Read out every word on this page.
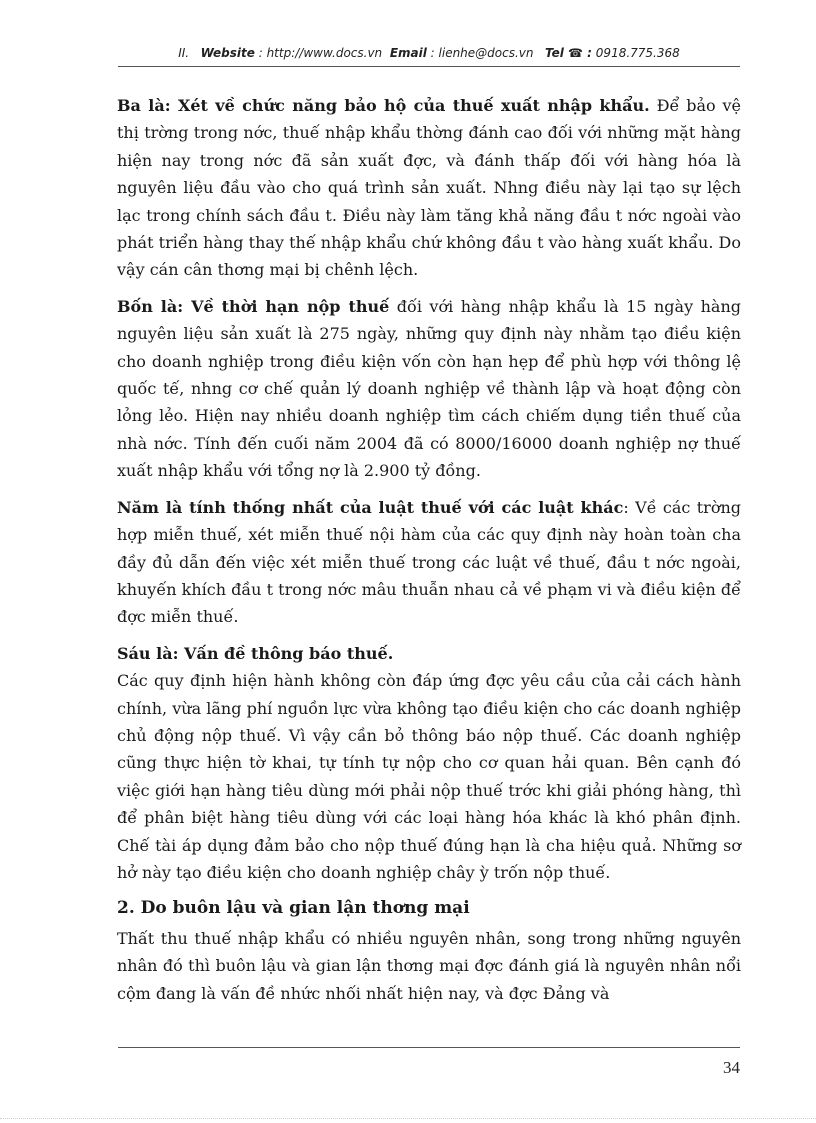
II. Website : http://www.docs.vn Email : lienhe@docs.vn Tel ☎ : 0918.775.368

Ba là: Xét về chức năng bảo hộ của thuế xuất nhập khẩu. Để bảo vệ thị trờng trong nớc, thuế nhập khẩu thờng đánh cao đối với những mặt hàng hiện nay trong nớc đã sản xuất đợc, và đánh thấp đối với hàng hóa là nguyên liệu đầu vào cho quá trình sản xuất. Nhng điều này lại tạo sự lệch lạc trong chính sách đầu t. Điều này làm tăng khả năng đầu t nớc ngoài vào phát triển hàng thay thế nhập khẩu chứ không đầu t vào hàng xuất khẩu. Do vậy cán cân thơng mại bị chênh lệch.

Bốn là: Về thời hạn nộp thuế đối với hàng nhập khẩu là 15 ngày hàng nguyên liệu sản xuất là 275 ngày, những quy định này nhằm tạo điều kiện cho doanh nghiệp trong điều kiện vốn còn hạn hẹp để phù hợp với thông lệ quốc tế, nhng cơ chế quản lý doanh nghiệp về thành lập và hoạt động còn lỏng lẻo. Hiện nay nhiều doanh nghiệp tìm cách chiếm dụng tiền thuế của nhà nớc. Tính đến cuối năm 2004 đã có 8000/16000 doanh nghiệp nợ thuế xuất nhập khẩu với tổng nợ là 2.900 tỷ đồng.

Năm là tính thống nhất của luật thuế với các luật khác: Về các trờng hợp miễn thuế, xét miễn thuế nội hàm của các quy định này hoàn toàn cha đầy đủ dẫn đến việc xét miễn thuế trong các luật về thuế, đầu t nớc ngoài, khuyến khích đầu t trong nớc mâu thuẫn nhau cả về phạm vi và điều kiện để đợc miễn thuế.

Sáu là: Vấn đề thông báo thuế.
Các quy định hiện hành không còn đáp ứng đợc yêu cầu của cải cách hành chính, vừa lãng phí nguồn lực vừa không tạo điều kiện cho các doanh nghiệp chủ động nộp thuế. Vì vậy cần bỏ thông báo nộp thuế. Các doanh nghiệp cũng thực hiện tờ khai, tự tính tự nộp cho cơ quan hải quan. Bên cạnh đó việc giới hạn hàng tiêu dùng mới phải nộp thuế trớc khi giải phóng hàng, thì để phân biệt hàng tiêu dùng với các loại hàng hóa khác là khó phân định. Chế tài áp dụng đảm bảo cho nộp thuế đúng hạn là cha hiệu quả. Những sơ hở này tạo điều kiện cho doanh nghiệp chây ỳ trốn nộp thuế.

2. Do buôn lậu và gian lận thơng mại

Thất thu thuế nhập khẩu có nhiều nguyên nhân, song trong những nguyên nhân đó thì buôn lậu và gian lận thơng mại đợc đánh giá là nguyên nhân nổi cộm đang là vấn đề nhức nhối nhất hiện nay, và đợc Đảng và

34
